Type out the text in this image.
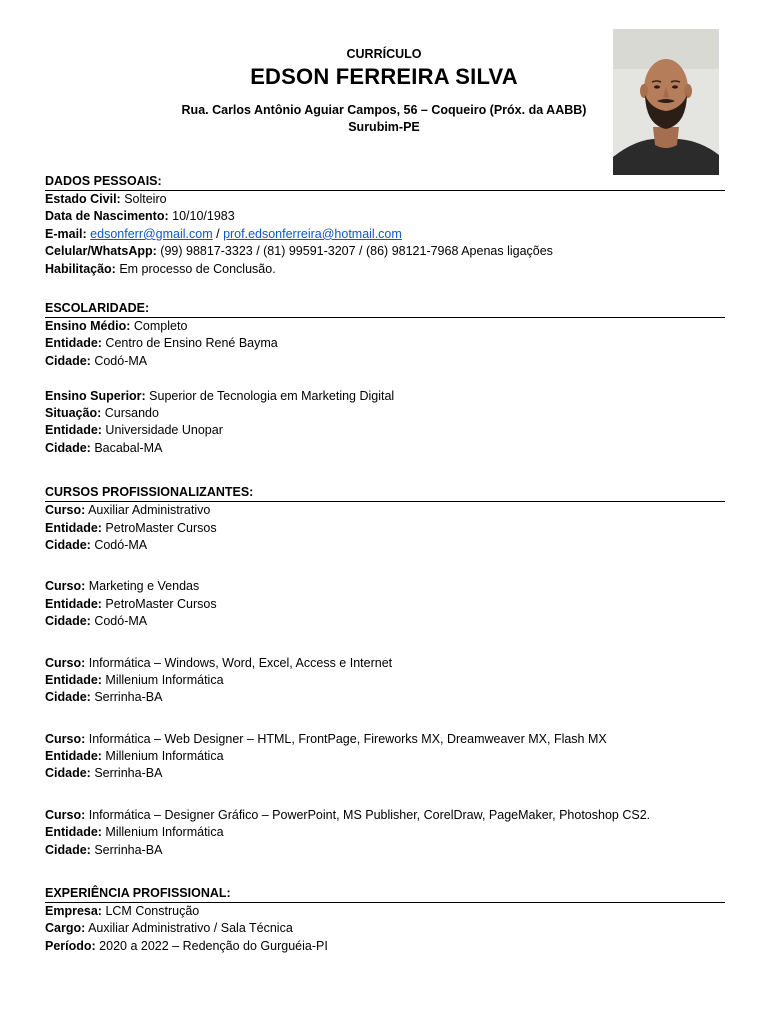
CURRÍCULO
EDSON FERREIRA SILVA
Rua. Carlos Antônio Aguiar Campos, 56 – Coqueiro (Próx. da AABB)
Surubim-PE
DADOS PESSOAIS:
Estado Civil: Solteiro
Data de Nascimento: 10/10/1983
E-mail: edsonferr@gmail.com / prof.edsonferreira@hotmail.com
Celular/WhatsApp: (99) 98817-3323 / (81) 99591-3207 / (86) 98121-7968 Apenas ligações
Habilitação: Em processo de Conclusão.
ESCOLARIDADE:
Ensino Médio: Completo
Entidade: Centro de Ensino René Bayma
Cidade: Codó-MA
Ensino Superior: Superior de Tecnologia em Marketing Digital
Situação: Cursando
Entidade: Universidade Unopar
Cidade: Bacabal-MA
CURSOS PROFISSIONALIZANTES:
Curso: Auxiliar Administrativo
Entidade: PetroMaster Cursos
Cidade: Codó-MA
Curso: Marketing e Vendas
Entidade: PetroMaster Cursos
Cidade: Codó-MA
Curso: Informática – Windows, Word, Excel, Access e Internet
Entidade: Millenium Informática
Cidade: Serrinha-BA
Curso: Informática – Web Designer – HTML, FrontPage, Fireworks MX, Dreamweaver MX, Flash MX
Entidade: Millenium Informática
Cidade: Serrinha-BA
Curso: Informática – Designer Gráfico – PowerPoint, MS Publisher, CorelDraw, PageMaker, Photoshop CS2.
Entidade: Millenium Informática
Cidade: Serrinha-BA
EXPERIÊNCIA PROFISSIONAL:
Empresa: LCM Construção
Cargo: Auxiliar Administrativo / Sala Técnica
Período: 2020 a 2022 – Redenção do Gurguéia-PI
